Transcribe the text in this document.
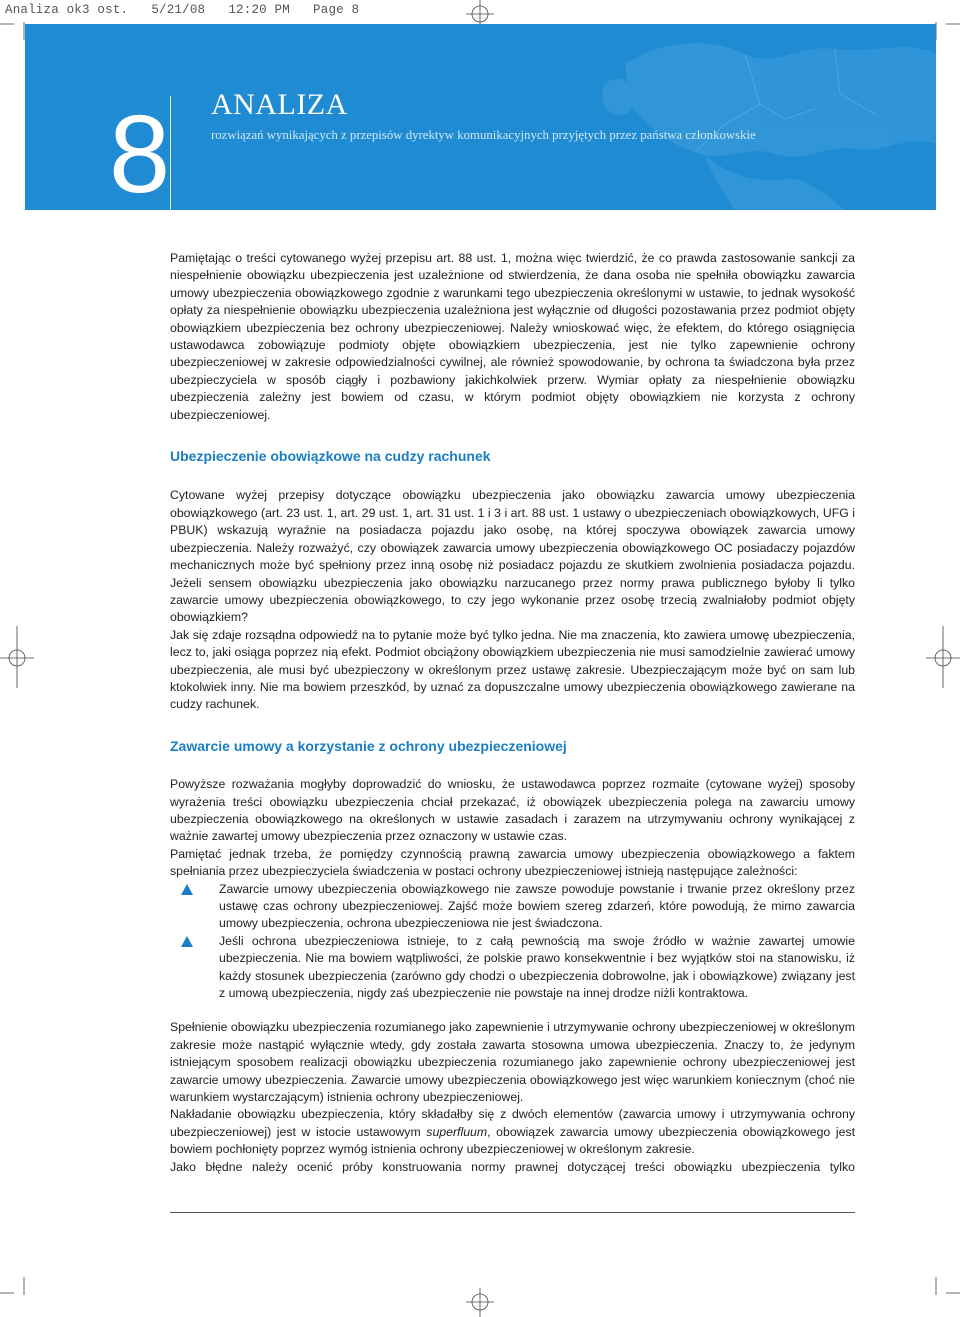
Analiza ok3 ost.   5/21/08   12:20 PM   Page 8
8 ANALIZA
rozwiązań wynikających z przepisów dyrektyw komunikacyjnych przyjętych przez państwa członkowskie

Pamiętając o treści cytowanego wyżej przepisu art. 88 ust. 1, można więc twierdzić, że co prawda zastosowanie sankcji za niespełnienie obowiązku ubezpieczenia jest uzależnione od stwierdzenia, że dana osoba nie spełniła obowiązku zawarcia umowy ubezpieczenia obowiązkowego zgodnie z warunkami tego ubezpieczenia określonymi w ustawie, to jednak wysokość opłaty za niespełnienie obowiązku ubezpieczenia uzależniona jest wyłącznie od długości pozostawania przez podmiot objęty obowiązkiem ubezpieczenia bez ochrony ubezpieczeniowej. Należy wnioskować więc, że efektem, do którego osiągnięcia ustawodawca zobowiązuje podmioty objęte obowiązkiem ubezpieczenia, jest nie tylko zapewnienie ochrony ubezpieczeniowej w zakresie odpowiedzialności cywilnej, ale również spowodowanie, by ochrona ta świadczona była przez ubezpieczyciela w sposób ciągły i pozbawiony jakichkolwiek przerw. Wymiar opłaty za niespełnienie obowiązku ubezpieczenia zależny jest bowiem od czasu, w którym podmiot objęty obowiązkiem nie korzysta z ochrony ubezpieczeniowej.

Ubezpieczenie obowiązkowe na cudzy rachunek

Cytowane wyżej przepisy dotyczące obowiązku ubezpieczenia jako obowiązku zawarcia umowy ubezpieczenia obowiązkowego (art. 23 ust. 1, art. 29 ust. 1, art. 31 ust. 1 i 3 i art. 88 ust. 1 ustawy o ubezpieczeniach obowiązkowych, UFG i PBUK) wskazują wyraźnie na posiadacza pojazdu jako osobę, na której spoczywa obowiązek zawarcia umowy ubezpieczenia. Należy rozważyć, czy obowiązek zawarcia umowy ubezpieczenia obowiązkowego OC posiadaczy pojazdów mechanicznych może być spełniony przez inną osobę niż posiadacz pojazdu ze skutkiem zwolnienia posiadacza pojazdu. Jeżeli sensem obowiązku ubezpieczenia jako obowiązku narzucanego przez normy prawa publicznego byłoby li tylko zawarcie umowy ubezpieczenia obowiązkowego, to czy jego wykonanie przez osobę trzecią zwalniałoby podmiot objęty obowiązkiem?

Jak się zdaje rozsądna odpowiedź na to pytanie może być tylko jedna. Nie ma znaczenia, kto zawiera umowę ubezpieczenia, lecz to, jaki osiąga poprzez nią efekt. Podmiot obciążony obowiązkiem ubezpieczenia nie musi samodzielnie zawierać umowy ubezpieczenia, ale musi być ubezpieczony w określonym przez ustawę zakresie. Ubezpieczającym może być on sam lub ktokolwiek inny. Nie ma bowiem przeszkód, by uznać za dopuszczalne umowy ubezpieczenia obowiązkowego zawierane na cudzy rachunek.

Zawarcie umowy a korzystanie z ochrony ubezpieczeniowej

Powyższe rozważania mogłyby doprowadzić do wniosku, że ustawodawca poprzez rozmaite (cytowane wyżej) sposoby wyrażenia treści obowiązku ubezpieczenia chciał przekazać, iż obowiązek ubezpieczenia polega na zawarciu umowy ubezpieczenia obowiązkowego na określonych w ustawie zasadach i zarazem na utrzymywaniu ochrony wynikającej z ważnie zawartej umowy ubezpieczenia przez oznaczony w ustawie czas.

Pamiętać jednak trzeba, że pomiędzy czynnością prawną zawarcia umowy ubezpieczenia obowiązkowego a faktem spełniania przez ubezpieczyciela świadczenia w postaci ochrony ubezpieczeniowej istnieją następujące zależności:

Zawarcie umowy ubezpieczenia obowiązkowego nie zawsze powoduje powstanie i trwanie przez określony przez ustawę czas ochrony ubezpieczeniowej. Zajść może bowiem szereg zdarzeń, które powodują, że mimo zawarcia umowy ubezpieczenia, ochrona ubezpieczeniowa nie jest świadczona.
Jeśli ochrona ubezpieczeniowa istnieje, to z całą pewnością ma swoje źródło w ważnie zawartej umowie ubezpieczenia. Nie ma bowiem wątpliwości, że polskie prawo konsekwentnie i bez wyjątków stoi na stanowisku, iż każdy stosunek ubezpieczenia (zarówno gdy chodzi o ubezpieczenia dobrowolne, jak i obowiązkowe) związany jest z umową ubezpieczenia, nigdy zaś ubezpieczenie nie powstaje na innej drodze niżli kontraktowa.

Spełnienie obowiązku ubezpieczenia rozumianego jako zapewnienie i utrzymywanie ochrony ubezpieczeniowej w określonym zakresie może nastąpić wyłącznie wtedy, gdy została zawarta stosowna umowa ubezpieczenia. Znaczy to, że jedynym istniejącym sposobem realizacji obowiązku ubezpieczenia rozumianego jako zapewnienie ochrony ubezpieczeniowej jest zawarcie umowy ubezpieczenia. Zawarcie umowy ubezpieczenia obowiązkowego jest więc warunkiem koniecznym (choć nie warunkiem wystarczającym) istnienia ochrony ubezpieczeniowej.

Nakładanie obowiązku ubezpieczenia, który składałby się z dwóch elementów (zawarcia umowy i utrzymywania ochrony ubezpieczeniowej) jest w istocie ustawowym superfluum, obowiązek zawarcia umowy ubezpieczenia obowiązkowego jest bowiem pochłonięty poprzez wymóg istnienia ochrony ubezpieczeniowej w określonym zakresie.

Jako błędne należy ocenić próby konstruowania normy prawnej dotyczącej treści obowiązku ubezpieczenia tylko
